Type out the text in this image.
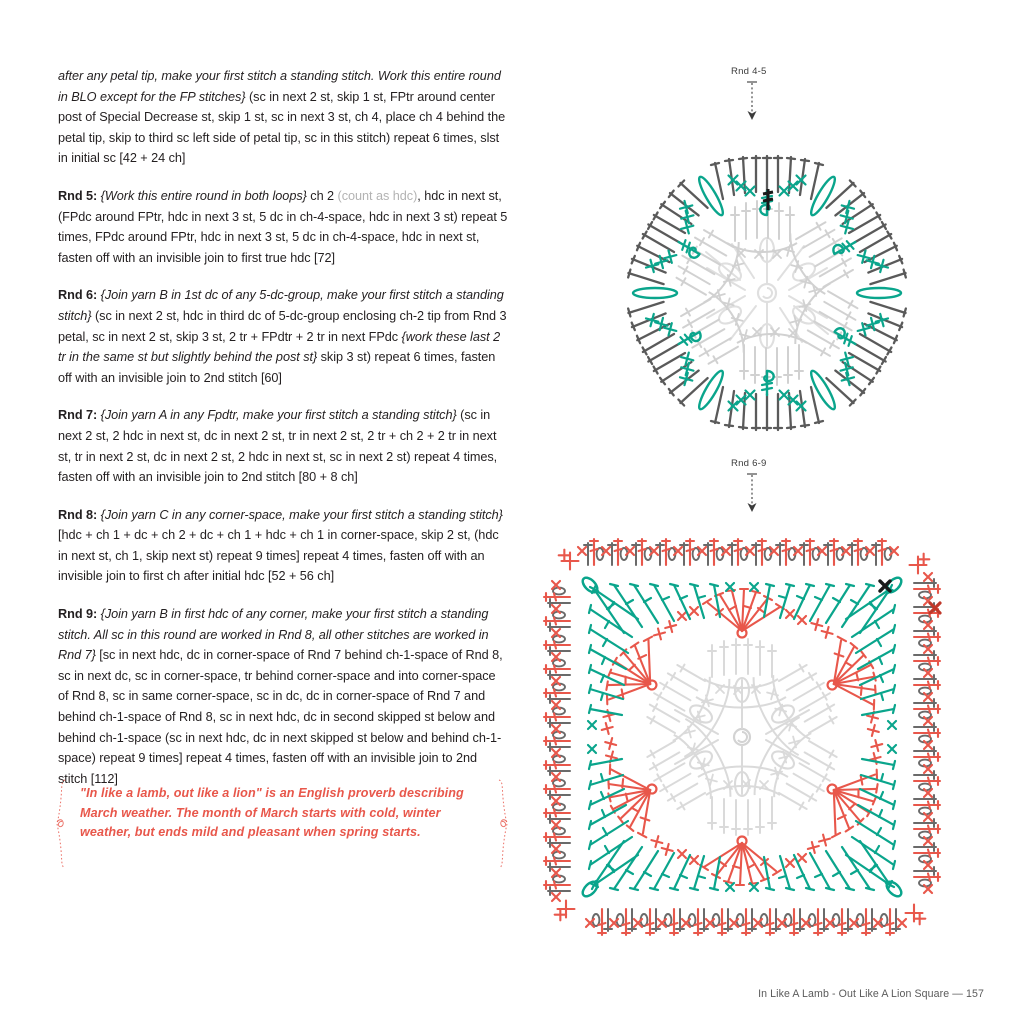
after any petal tip, make your first stitch a standing stitch. Work this entire round in BLO except for the FP stitches} (sc in next 2 st, skip 1 st, FPtr around center post of Special Decrease st, skip 1 st, sc in next 3 st, ch 4, place ch 4 behind the petal tip, skip to third sc left side of petal tip, sc in this stitch) repeat 6 times, slst in initial sc [42 + 24 ch]

Rnd 5: {Work this entire round in both loops} ch 2 (count as hdc), hdc in next st, (FPdc around FPtr, hdc in next 3 st, 5 dc in ch-4-space, hdc in next 3 st) repeat 5 times, FPdc around FPtr, hdc in next 3 st, 5 dc in ch-4-space, hdc in next st, fasten off with an invisible join to first true hdc [72]

Rnd 6: {Join yarn B in 1st dc of any 5-dc-group, make your first stitch a standing stitch} (sc in next 2 st, hdc in third dc of 5-dc-group enclosing ch-2 tip from Rnd 3 petal, sc in next 2 st, skip 3 st, 2 tr + FPdtr + 2 tr in next FPdc {work these last 2 tr in the same st but slightly behind the post st} skip 3 st) repeat 6 times, fasten off with an invisible join to 2nd stitch [60]

Rnd 7: {Join yarn A in any Fpdtr, make your first stitch a standing stitch} (sc in next 2 st, 2 hdc in next st, dc in next 2 st, tr in next 2 st, 2 tr + ch 2 + 2 tr in next st, tr in next 2 st, dc in next 2 st, 2 hdc in next st, sc in next 2 st) repeat 4 times, fasten off with an invisible join to 2nd stitch [80 + 8 ch]

Rnd 8: {Join yarn C in any corner-space, make your first stitch a standing stitch} [hdc + ch 1 + dc + ch 2 + dc + ch 1 + hdc + ch 1 in corner-space, skip 2 st, (hdc in next st, ch 1, skip next st) repeat 9 times] repeat 4 times, fasten off with an invisible join to first ch after initial hdc [52 + 56 ch]

Rnd 9: {Join yarn B in first hdc of any corner, make your first stitch a standing stitch. All sc in this round are worked in Rnd 8, all other stitches are worked in Rnd 7} [sc in next hdc, dc in corner-space of Rnd 7 behind ch-1-space of Rnd 8, sc in next dc, sc in corner-space, tr behind corner-space and into corner-space of Rnd 8, sc in same corner-space, sc in dc, dc in corner-space of Rnd 7 and behind ch-1-space of Rnd 8, sc in next hdc, dc in second skipped st below and behind ch-1-space (sc in next hdc, dc in next skipped st below and behind ch-1-space) repeat 9 times] repeat 4 times, fasten off with an invisible join to 2nd stitch [112]

"In like a lamb, out like a lion" is an English proverb describing March weather. The month of March starts with cold, winter weather, but ends mild and pleasant when spring starts.
In Like A Lamb - Out Like A Lion Square — 157
Rnd 4-5
Rnd 6-9
